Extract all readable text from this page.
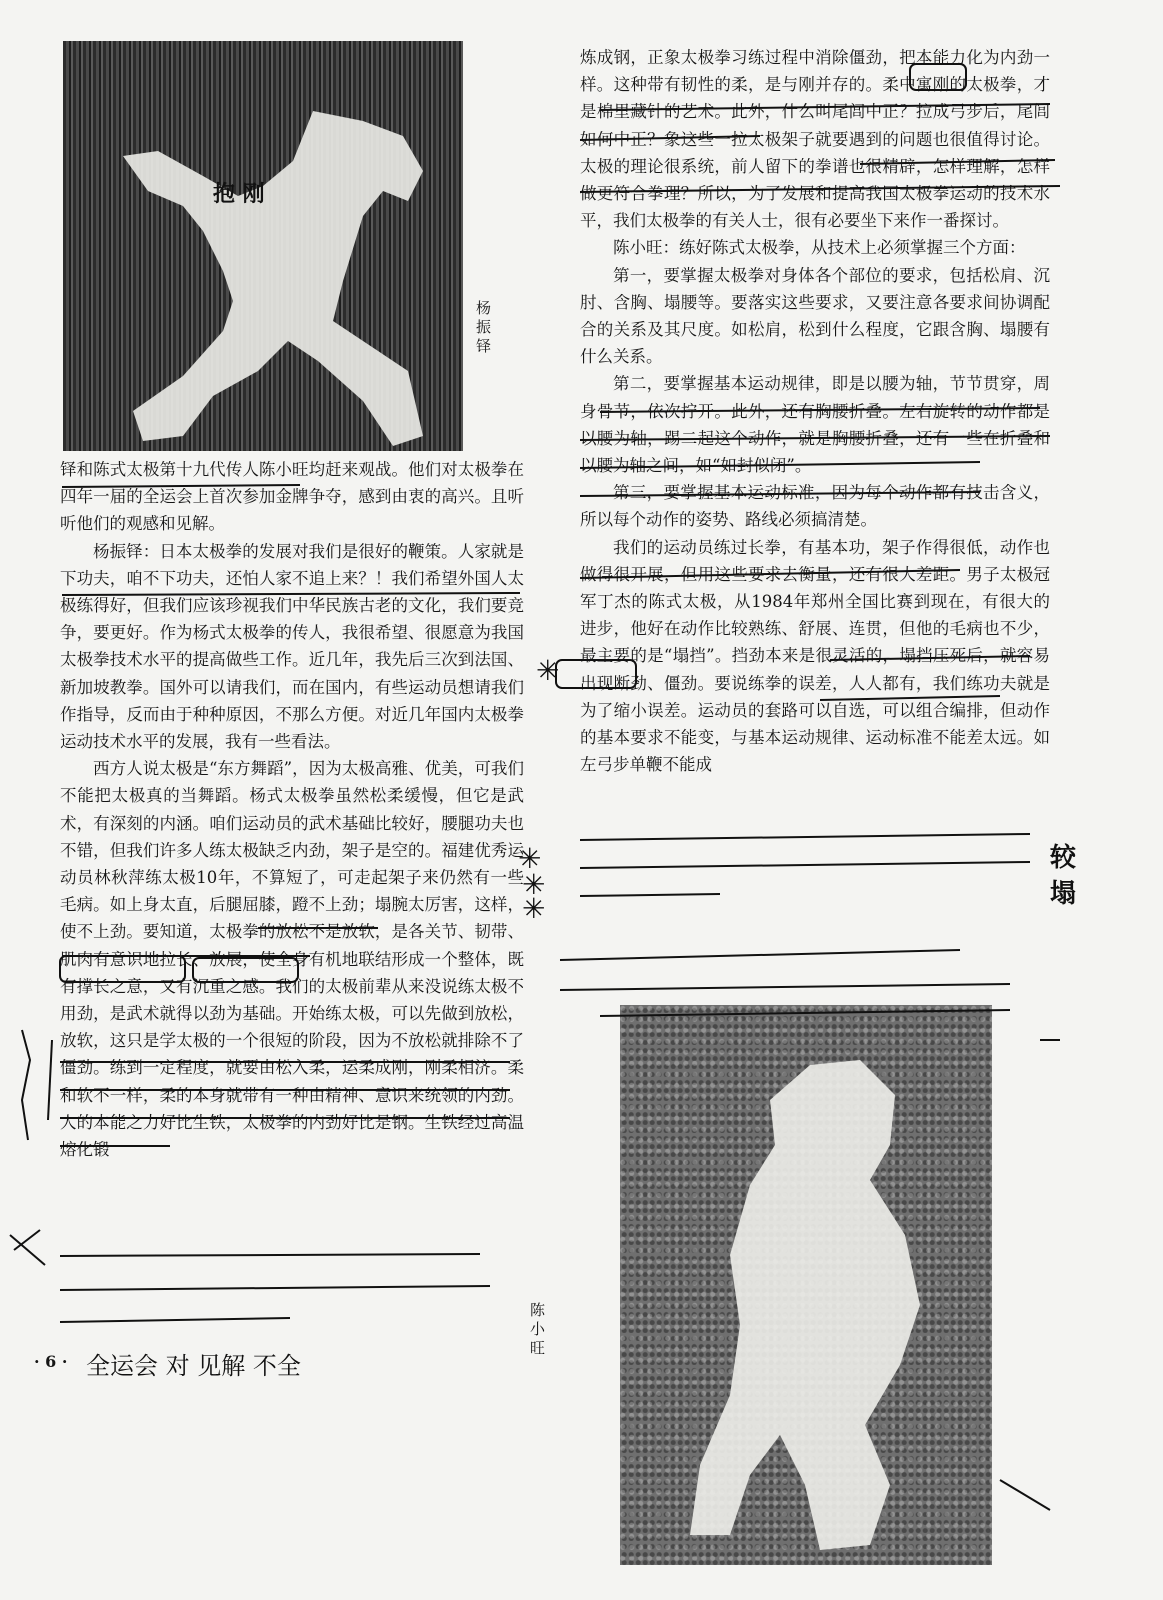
抱 刚
杨振铎

铎和陈式太极第十九代传人陈小旺均赶来观战。他们对太极拳在四年一届的全运会上首次参加金牌争夺，感到由衷的高兴。且听听他们的观感和见解。

杨振铎：日本太极拳的发展对我们是很好的鞭策。人家就是下功夫，咱不下功夫，还怕人家不追上来？！我们希望外国人太极练得好，但我们应该珍视我们中华民族古老的文化，我们要竞争，要更好。作为杨式太极拳的传人，我很希望、很愿意为我国太极拳技术水平的提高做些工作。近几年，我先后三次到法国、新加坡教拳。国外可以请我们，而在国内，有些运动员想请我们作指导，反而由于种种原因，不那么方便。对近几年国内太极拳运动技术水平的发展，我有一些看法。

西方人说太极是“东方舞蹈”，因为太极高雅、优美，可我们不能把太极真的当舞蹈。杨式太极拳虽然松柔缓慢，但它是武术，有深刻的内涵。咱们运动员的武术基础比较好，腰腿功夫也不错，但我们许多人练太极缺乏内劲，架子是空的。福建优秀运动员林秋萍练太极10年，不算短了，可走起架子来仍然有一些毛病。如上身太直，后腿屈膝，蹬不上劲；塌腕太厉害，这样，使不上劲。要知道，太极拳的放松不是放软，是各关节、韧带、肌肉有意识地拉长、放展，使全身有机地联结形成一个整体，既有撑长之意，又有沉重之感。我们的太极前辈从来没说练太极不用劲，是武术就得以劲为基础。开始练太极，可以先做到放松，放软，这只是学太极的一个很短的阶段，因为不放松就排除不了僵劲。练到一定程度，就要由松入柔，运柔成刚，刚柔相济。柔和软不一样，柔的本身就带有一种由精神、意识来统领的内劲。人的本能之力好比生铁，太极拳的内劲好比是钢。生铁经过高温熔化锻

· 6 · 全运会 对 见解 不全

炼成钢，正象太极拳习练过程中消除僵劲，把本能力化为内劲一样。这种带有韧性的柔，是与刚并存的。柔中寓刚的太极拳，才是棉里藏针的艺术。此外，什么叫尾闾中正？拉成弓步后，尾闾如何中正？象这些一拉太极架子就要遇到的问题也很值得讨论。太极的理论很系统，前人留下的拳谱也很精辟，怎样理解，怎样做更符合拳理？所以，为了发展和提高我国太极拳运动的技术水平，我们太极拳的有关人士，很有必要坐下来作一番探讨。

陈小旺：练好陈式太极拳，从技术上必须掌握三个方面：

第一，要掌握太极拳对身体各个部位的要求，包括松肩、沉肘、含胸、塌腰等。要落实这些要求，又要注意各要求间协调配合的关系及其尺度。如松肩，松到什么程度，它跟含胸、塌腰有什么关系。

第二，要掌握基本运动规律，即是以腰为轴，节节贯穿，周身骨节，依次拧开。此外，还有胸腰折叠。左右旋转的动作都是以腰为轴，踢二起这个动作，就是胸腰折叠，还有一些在折叠和以腰为轴之间，如“如封似闭”。

第三，要掌握基本运动标准，因为每个动作都有技击含义，所以每个动作的姿势、路线必须搞清楚。

我们的运动员练过长拳，有基本功，架子作得很低，动作也做得很开展，但用这些要求去衡量，还有很大差距。男子太极冠军丁杰的陈式太极，从1984年郑州全国比赛到现在，有很大的进步，他好在动作比较熟练、舒展、连贯，但他的毛病也不少，最主要的是“塌挡”。挡劲本来是很灵活的，塌挡压死后，就容易出现断劲、僵劲。要说练拳的误差，人人都有，我们练功夫就是为了缩小误差。运动员的套路可以自选，可以组合编排，但动作的基本要求不能变，与基本运动规律、运动标准不能差太远。如左弓步单鞭不能成

陈小旺
较 塌
✳
✳
✳
✳
